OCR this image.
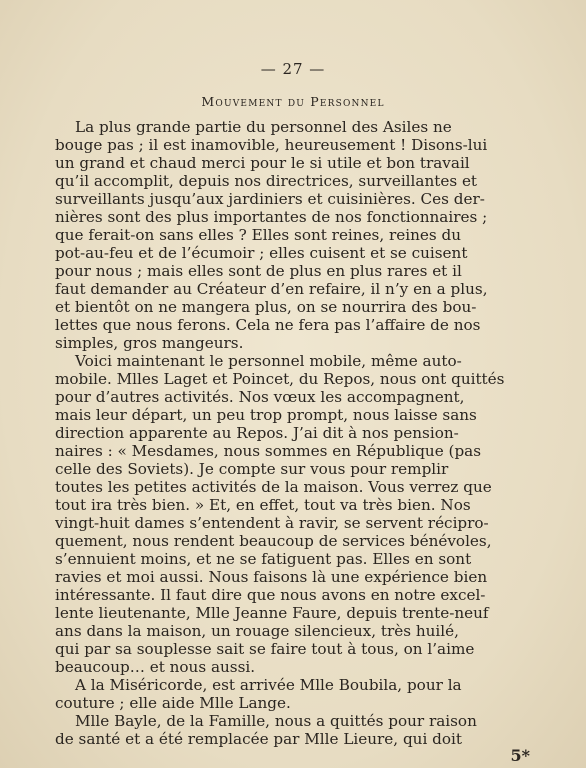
— 27 —
Mouvement du Personnel
La plus grande partie du personnel des Asiles ne
bouge pas ; il est inamovible, heureusement ! Disons-lui
un grand et chaud merci pour le si utile et bon travail
qu’il accomplit, depuis nos directrices, surveillantes et
surveillants jusqu’aux jardiniers et cuisinières. Ces der-
nières sont des plus importantes de nos fonctionnaires ;
que ferait-on sans elles ? Elles sont reines, reines du
pot-au-feu et de l’écumoir ; elles cuisent et se cuisent
pour nous ; mais elles sont de plus en plus rares et il
faut demander au Créateur d’en refaire, il n’y en a plus,
et bientôt on ne mangera plus, on se nourrira des bou-
lettes que nous ferons. Cela ne fera pas l’affaire de nos
simples, gros mangeurs.
Voici maintenant le personnel mobile, même auto-
mobile. Mlles Laget et Poincet, du Repos, nous ont quittés
pour d’autres activités. Nos vœux les accompagnent,
mais leur départ, un peu trop prompt, nous laisse sans
direction apparente au Repos. J’ai dit à nos pension-
naires : « Mesdames, nous sommes en République (pas
celle des Soviets). Je compte sur vous pour remplir
toutes les petites activités de la maison. Vous verrez que
tout ira très bien. » Et, en effet, tout va très bien. Nos
vingt-huit dames s’entendent à ravir, se servent récipro-
quement, nous rendent beaucoup de services bénévoles,
s’ennuient moins, et ne se fatiguent pas. Elles en sont
ravies et moi aussi. Nous faisons là une expérience bien
intéressante. Il faut dire que nous avons en notre excel-
lente lieutenante, Mlle Jeanne Faure, depuis trente-neuf
ans dans la maison, un rouage silencieux, très huilé,
qui par sa souplesse sait se faire tout à tous, on l’aime
beaucoup… et nous aussi.
A la Miséricorde, est arrivée Mlle Boubila, pour la
couture ; elle aide Mlle Lange.
Mlle Bayle, de la Famille, nous a quittés pour raison
de santé et a été remplacée par Mlle Lieure, qui doit
5*
